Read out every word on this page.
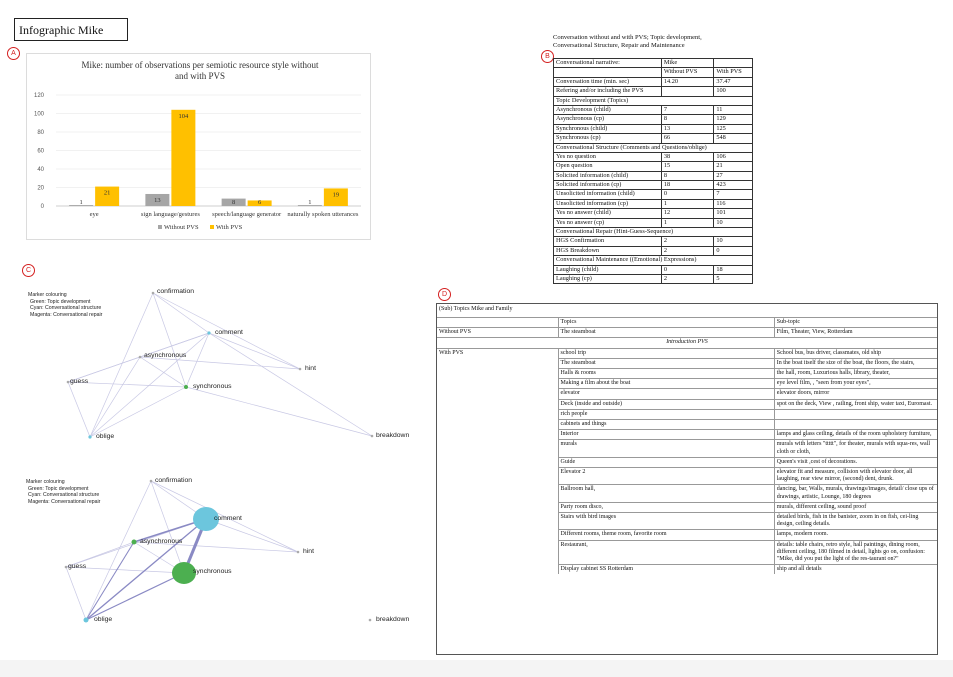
Infographic Mike
A
Mike: number of observations per semiotic resource style without and with PVS
0
20
40
60
80
100
120
1
21
eye
13
104
sign language/gestures
8	6
speech/language generator
1
19
naturally spoken utterances
Without PVS	With PVS
B
Conversation without and with PVS; Topic development, Conversational Structure, Repair and Maintenance
Conversational narrative:	Mike	
	Without PVS	With PVS
Conversation time (min. sec)	14.20	37.47
Refering and/or including the PVS		100
Topic Development (Topics)		
Asynchronous (child)	7	11
Asynchronous (cp)	8	129
Synchronous (child)	13	125
Synchronous (cp)	66	548
Conversational Structure (Comments and Questions/oblige)		
Yes no question	38	106
Open question	15	21
Solicited information (child)	8	27
Solicited information (cp)	18	423
Unsolicited information (child)	0	7
Unsolicited information (cp)	1	116
Yes no answer (child)	12	101
Yes no answer (cp)	1	10
Conversational Repair (Hint-Guess-Sequence)		
HGS Confirmation	2	10
HGS Breakdown	2	0
Conversational Maintenance ((Emotional) Expressions)		
Laughing (child)	0	18
Laughing (cp)	2	5
C
Marker colouring
Green: Topic development
Cyan: Conversational structure
Magenta: Conversational repair
confirmation
comment
asynchronous
hint
guess
synchronous
oblige	breakdown
Marker colouring
Green: Topic development
Cyan: Conversational structure
Magenta: Conversational repair
confirmation
comment
asynchronous
hint
guess
synchronous
oblige	breakdown
D
(Sub) Topics Mike and Family		
	Topics	Sub-topic
Without PVS	The steamboat	Film, Theater, View, Rotterdam
Introduction PVS		
With PVS	school trip	School bus, bus driver, classmates, old ship
	The steamboat	In the boat itself the size of the boat, the floors, the stairs,
	Halls & rooms	the hall, room, Luxurious halls, library, theater,
	Making a film about the boat	eye level film, , "seen from your eyes",
	elevator	elevator doors, mirror
	Deck (inside and outside)	spot on the deck, View , railing, front ship, water taxi, Euromast.
	rich people	
	cabinets and things	
	Interior	lamps and glass ceiling, details of the room upholstery furniture,
	murals	murals with letters "ttttt", for theater, murals with squa-res, wall cloth or cloth,
	Guide	Queen's visit ,cest of decorations.
	Elevator 2	elevator fit and measure, collision with elevator door, all laughing, rear view mirror, (second) dent, drunk.
	Ballroom hall,	dancing, bar, Walls, murals, drawings/images, detail/ close ups of drawings, artistic, Lounge, 180 degrees
	Party room disco,	murals, different ceiling, sound proof
	Stairs with bird images	detailed birds, fish in the banister, zoom in on fish, cei-ling design, ceiling details.
	Different rooms, theme room, favorite room	lamps, modern room.
	Restaurant,	details: table chairs, retro style, hall paintings, dining room, different ceiling, 180 filmed in detail, lights go on, confusion: "Mike, did you put the light of the res-taurant on?"
	Display cabinet SS Rotterdam	ship and all details
